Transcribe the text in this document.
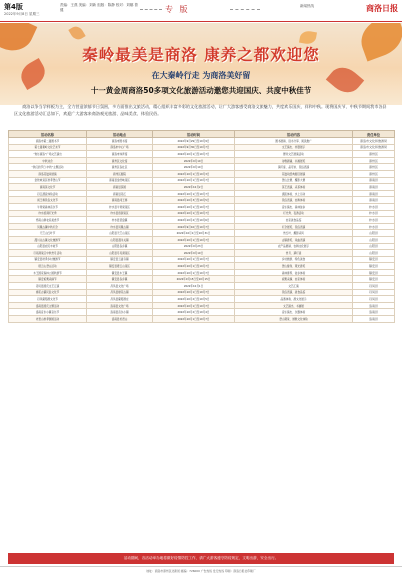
第4版
2022年9月8日 星期三
责编：王燕 美编：刘新 组版：陈静 校对：刘娜 曾健	专 版	新闻热线	商洛日报
秦岭最美是商洛 康养之都欢迎您
在大秦岭行走 为商洛美好留
十一黄金周商洛50多项文化旅游活动邀您共迎国庆、共度中秋佳节
商洛以争当学样板为主，全力营造浓郁节日氛围，多方面推出文旅活动，精心组织丰富多彩的文化旅游活动，让广大游客感受商洛文旅魅力，共度欢乐国庆、祥和中秋。现将国庆节、中秋节期间我市各县区文化旅游活动汇总如下，欢迎广大游客来商洛观光旅游、品味美食、体验民俗。
活动名称	活动地点	活动时间	活动内容	责任单位
商洛市第二届图书节	商洛市图书馆	2022年9月29日至10月9日	图书展销、读书分享、阅读推广	商洛市文化和旅游局
第七届秦岭文化艺术节	商洛市中心广场	2022年9月30日至10月7日	文艺演出、非遗展示	商洛市文化和旅游局
“欢乐商洛”广场文艺演出	商洛市体育馆	2022年10月1日至10月7日	群众文艺展演活动	商州区
中秋诗会	商州区文化馆	2022年9月10日	诗歌朗诵、书画展览	商州区
“我们的节日·中秋”主题活动	商州区各社区	2022年9月10日	猜灯谜、品月饼、民俗表演	商州区
商洛花鼓戏展演	商州区剧院	2022年10月1日至10月3日	花鼓戏经典剧目展演	商州区
金丝峡景区秋季登山节	商南县金丝峡景区	2022年10月1日至10月7日	登山比赛、摄影大赛	商南县
商南茶文化节	商南县茶园	2022年10月2日	茶艺表演、采茶体验	商南县
丹江漂流体验活动	商南县丹江	2022年10月1日至10月7日	漂流体验、水上运动	商南县
闯王寨民俗文化节	商南县闯王寨	2022年10月3日至10月5日	民俗表演、农耕体验	商南县
牛背梁森林音乐节	柞水县牛背梁景区	2022年10月1日至10月7日	音乐演出、森林徒步	柞水县
柞水溶洞灯光秀	柞水县溶洞景区	2022年10月1日至10月7日	灯光秀、夜游活动	柞水县
终南山寨农家美食节	柞水县营盘镇	2022年10月2日至10月6日	农家美食品鉴	柞水县
凤凰古镇中秋灯会	柞水县凤凰古镇	2022年9月10日至10月7日	灯会展览、民俗表演	柞水县
天竺山红叶节	山阳县天竺山景区	2022年10月1日至10月31日	赏红叶、摄影采风	山阳县
漫川关古镇文化旅游节	山阳县漫川关镇	2022年10月1日至10月7日	古镇游览、戏曲表演	山阳县
山阳县农民丰收节	山阳县各乡镇	2022年9月23日	农产品展销、农耕文化展示	山阳县
月亮洞景区中秋赏月活动	山阳县月亮洞景区	2022年9月10日	赏月、猜灯谜	山阳县
镇安县秋季乡村旅游节	镇安县云盖寺镇	2022年10月1日至10月7日	乡村旅游、特色美食	镇安县
塔云山登山活动	镇安县塔云山景区	2022年10月1日至10月7日	登山健身、观光游览	镇安县
木王国家森林公园秋游节	镇安县木王镇	2022年10月1日至10月7日	森林康养、徒步体验	镇安县
镇安板栗采摘节	镇安县各乡镇	2022年9月15日至10月15日	板栗采摘、农家体验	镇安县
丹凤县国庆文艺汇演	丹凤县文化广场	2022年10月1日	文艺汇演	丹凤县
棣花古镇民俗文化节	丹凤县棣花古镇	2022年10月1日至10月7日	民俗表演、美食品鉴	丹凤县
丹凤葡萄酒文化节	丹凤县葡萄酒庄	2022年10月2日至10月5日	品酒体验、酒文化展示	丹凤县
洛南县国庆主题活动	洛南县文化广场	2022年10月1日至10月7日	文艺演出、书画展	洛南县
洛南音乐小镇音乐节	洛南县音乐小镇	2022年10月2日至10月4日	音乐演出、乐器体验	洛南县
老君山秋季游园活动	洛南县老君山	2022年10月1日至10月7日	登山观景、道教文化体验	洛南县
活动期间，各活动举办地将做好疫情防控工作，请广大游客遵守防疫规定，文明出游，安全出行。
地址：商洛市商州区北新街 邮编：726000 广告热线 发行热线 印刷：商洛日报社印刷厂
